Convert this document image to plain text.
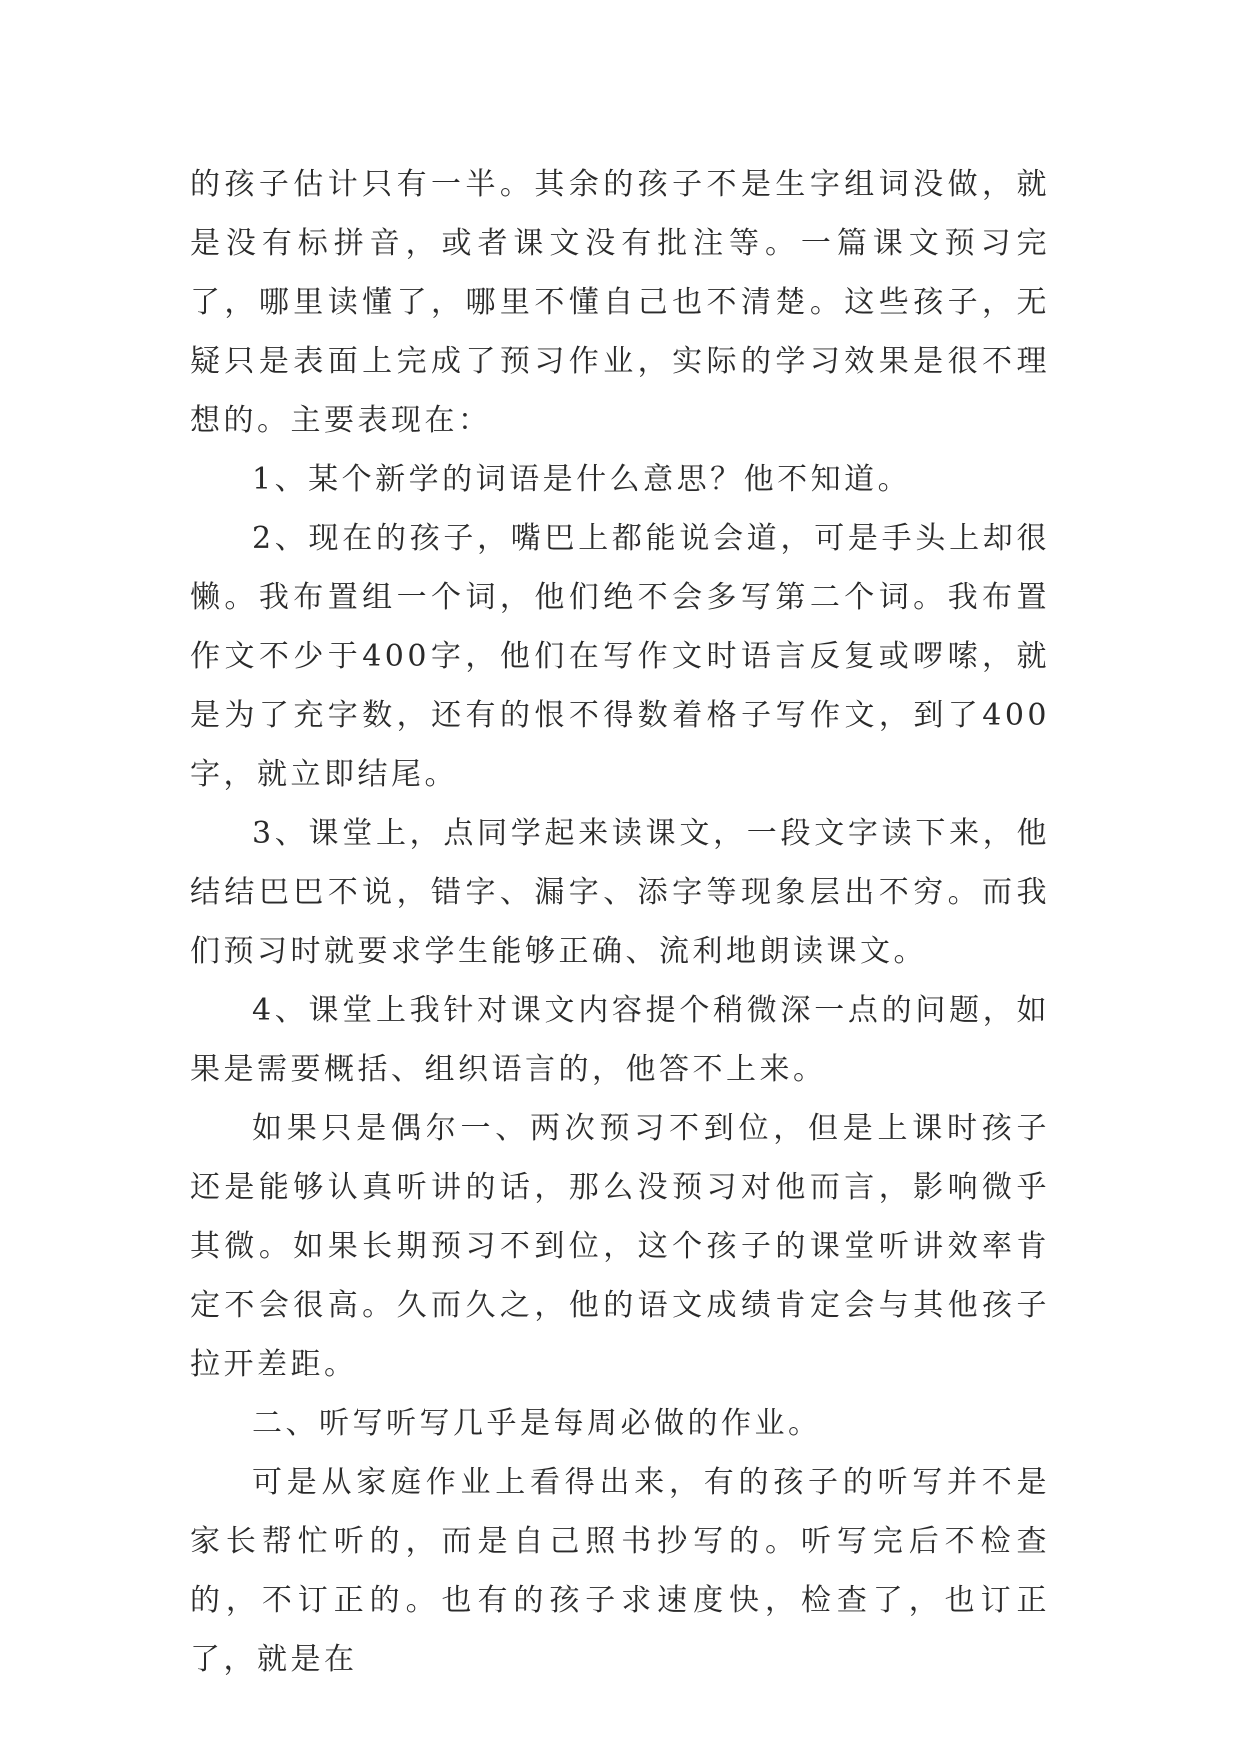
的孩子估计只有一半。其余的孩子不是生字组词没做，就是没有标拼音，或者课文没有批注等。一篇课文预习完了，哪里读懂了，哪里不懂自己也不清楚。这些孩子，无疑只是表面上完成了预习作业，实际的学习效果是很不理想的。主要表现在：

1、某个新学的词语是什么意思？他不知道。

2、现在的孩子，嘴巴上都能说会道，可是手头上却很懒。我布置组一个词，他们绝不会多写第二个词。我布置作文不少于400字，他们在写作文时语言反复或啰嗦，就是为了充字数，还有的恨不得数着格子写作文，到了400字，就立即结尾。

3、课堂上，点同学起来读课文，一段文字读下来，他结结巴巴不说，错字、漏字、添字等现象层出不穷。而我们预习时就要求学生能够正确、流利地朗读课文。

4、课堂上我针对课文内容提个稍微深一点的问题，如果是需要概括、组织语言的，他答不上来。

如果只是偶尔一、两次预习不到位，但是上课时孩子还是能够认真听讲的话，那么没预习对他而言，影响微乎其微。如果长期预习不到位，这个孩子的课堂听讲效率肯定不会很高。久而久之，他的语文成绩肯定会与其他孩子拉开差距。

二、听写听写几乎是每周必做的作业。

可是从家庭作业上看得出来，有的孩子的听写并不是家长帮忙听的，而是自己照书抄写的。听写完后不检查的，不订正的。也有的孩子求速度快，检查了，也订正了，就是在
